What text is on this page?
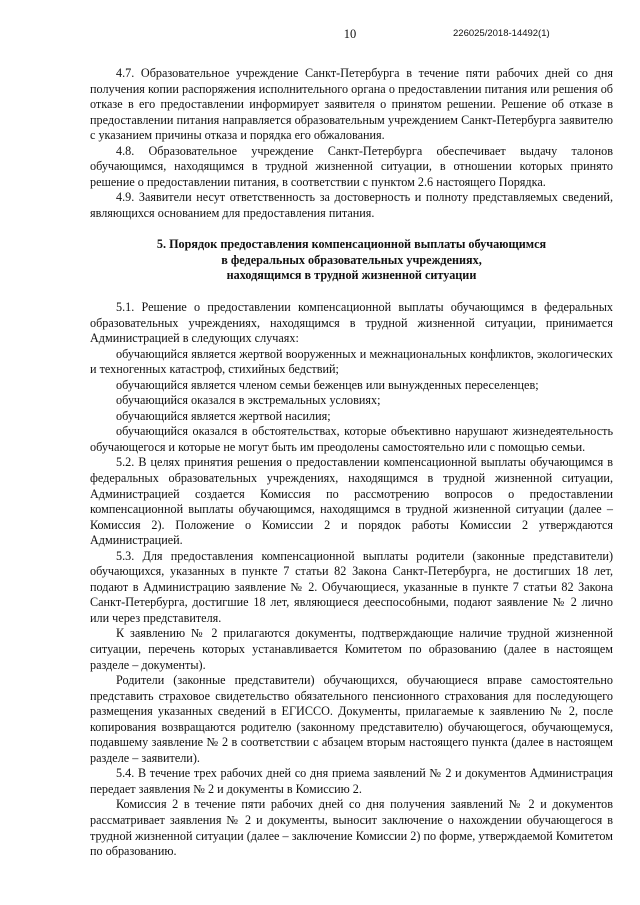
10	226025/2018-14492(1)

4.7. Образовательное учреждение Санкт-Петербурга в течение пяти рабочих дней со дня получения копии распоряжения исполнительного органа о предоставлении питания или решения об отказе в его предоставлении информирует заявителя о принятом решении. Решение об отказе в предоставлении питания направляется образовательным учреждением Санкт-Петербурга заявителю с указанием причины отказа и порядка его обжалования.

4.8. Образовательное учреждение Санкт-Петербурга обеспечивает выдачу талонов обучающимся, находящимся в трудной жизненной ситуации, в отношении которых принято решение о предоставлении питания, в соответствии с пунктом 2.6 настоящего Порядка.

4.9. Заявители несут ответственность за достоверность и полноту представляемых сведений, являющихся основанием для предоставления питания.

5. Порядок предоставления компенсационной выплаты обучающимся
в федеральных образовательных учреждениях,
находящимся в трудной жизненной ситуации

5.1. Решение о предоставлении компенсационной выплаты обучающимся в федеральных образовательных учреждениях, находящимся в трудной жизненной ситуации, принимается Администрацией в следующих случаях:

обучающийся является жертвой вооруженных и межнациональных конфликтов, экологических и техногенных катастроф, стихийных бедствий;

обучающийся является членом семьи беженцев или вынужденных переселенцев;

обучающийся оказался в экстремальных условиях;

обучающийся является жертвой насилия;

обучающийся оказался в обстоятельствах, которые объективно нарушают жизнедеятельность обучающегося и которые не могут быть им преодолены самостоятельно или с помощью семьи.

5.2. В целях принятия решения о предоставлении компенсационной выплаты обучающимся в федеральных образовательных учреждениях, находящимся в трудной жизненной ситуации, Администрацией создается Комиссия по рассмотрению вопросов о предоставлении компенсационной выплаты обучающимся, находящимся в трудной жизненной ситуации (далее – Комиссия 2). Положение о Комиссии 2 и порядок работы Комиссии 2 утверждаются Администрацией.

5.3. Для предоставления компенсационной выплаты родители (законные представители) обучающихся, указанных в пункте 7 статьи 82 Закона Санкт-Петербурга, не достигших 18 лет, подают в Администрацию заявление № 2. Обучающиеся, указанные в пункте 7 статьи 82 Закона Санкт-Петербурга, достигшие 18 лет, являющиеся дееспособными, подают заявление № 2 лично или через представителя.

К заявлению № 2 прилагаются документы, подтверждающие наличие трудной жизненной ситуации, перечень которых устанавливается Комитетом по образованию (далее в настоящем разделе – документы).

Родители (законные представители) обучающихся, обучающиеся вправе самостоятельно представить страховое свидетельство обязательного пенсионного страхования для последующего размещения указанных сведений в ЕГИССО. Документы, прилагаемые к заявлению № 2, после копирования возвращаются родителю (законному представителю) обучающегося, обучающемуся, подавшему заявление № 2 в соответствии с абзацем вторым настоящего пункта (далее в настоящем разделе – заявители).

5.4. В течение трех рабочих дней со дня приема заявлений № 2 и документов Администрация передает заявления № 2 и документы в Комиссию 2.

Комиссия 2 в течение пяти рабочих дней со дня получения заявлений № 2 и документов рассматривает заявления № 2 и документы, выносит заключение о нахождении обучающегося в трудной жизненной ситуации (далее – заключение Комиссии 2) по форме, утверждаемой Комитетом по образованию.
